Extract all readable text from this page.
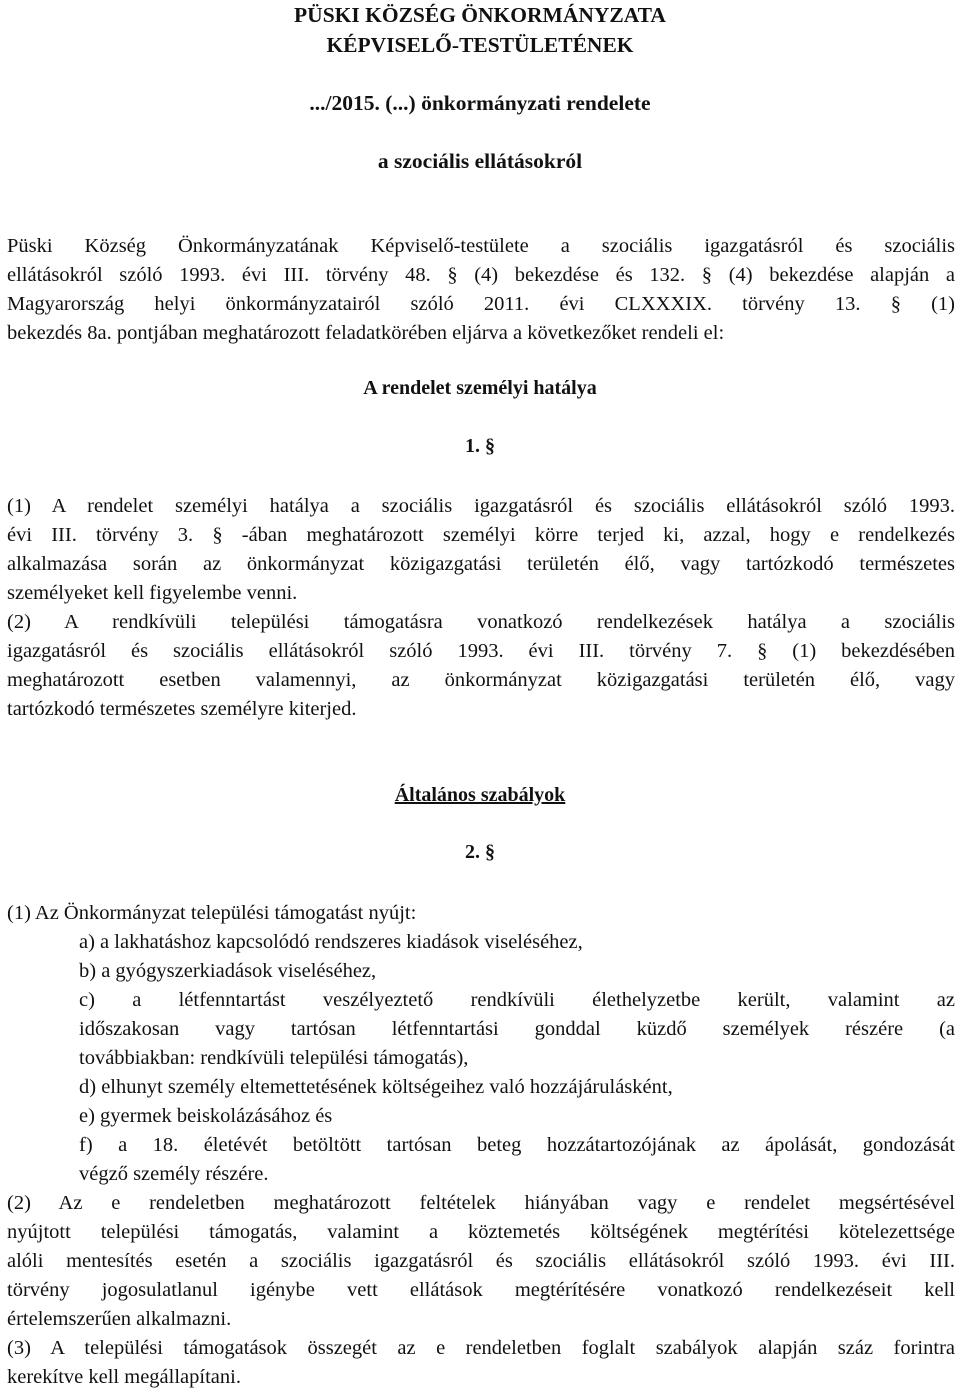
PÜSKI KÖZSÉG ÖNKORMÁNYZATA
KÉPVISELŐ-TESTÜLETÉNEK
.../2015. (...) önkormányzati rendelete
a szociális ellátásokról
Püski Község Önkormányzatának Képviselő-testülete a szociális igazgatásról és szociális
ellátásokról szóló 1993. évi III. törvény 48. § (4) bekezdése és 132. § (4) bekezdése alapján a
Magyarország helyi önkormányzatairól szóló 2011. évi CLXXXIX. törvény 13. § (1)
bekezdés 8a. pontjában meghatározott feladatkörében eljárva a következőket rendeli el:
A rendelet személyi hatálya
1. §
(1) A rendelet személyi hatálya a szociális igazgatásról és szociális ellátásokról szóló 1993.
évi III. törvény 3. § -ában meghatározott személyi körre terjed ki, azzal, hogy e rendelkezés
alkalmazása során az önkormányzat közigazgatási területén élő, vagy tartózkodó természetes
személyeket kell figyelembe venni.
(2) A rendkívüli települési támogatásra vonatkozó rendelkezések hatálya a szociális
igazgatásról és szociális ellátásokról szóló 1993. évi III. törvény 7. § (1) bekezdésében
meghatározott esetben valamennyi, az önkormányzat közigazgatási területén élő, vagy
tartózkodó természetes személyre kiterjed.
Általános szabályok
2. §
(1) Az Önkormányzat települési támogatást nyújt:
a) a lakhatáshoz kapcsolódó rendszeres kiadások viseléséhez,
b) a gyógyszerkiadások viseléséhez,
c) a létfenntartást veszélyeztető rendkívüli élethelyzetbe került, valamint az
időszakosan vagy tartósan létfenntartási gonddal küzdő személyek részére (a
továbbiakban: rendkívüli települési támogatás),
d) elhunyt személy eltemettetésének költségeihez való hozzájárulásként,
e) gyermek beiskolázásához és
f) a 18. életévét betöltött tartósan beteg hozzátartozójának az ápolását, gondozását
végző személy részére.
(2) Az e rendeletben meghatározott feltételek hiányában vagy e rendelet megsértésével
nyújtott települési támogatás, valamint a köztemetés költségének megtérítési kötelezettsége
alóli mentesítés esetén a szociális igazgatásról és szociális ellátásokról szóló 1993. évi III.
törvény jogosulatlanul igénybe vett ellátások megtérítésére vonatkozó rendelkezéseit kell
értelemszerűen alkalmazni.
(3) A települési támogatások összegét az e rendeletben foglalt szabályok alapján száz forintra
kerekítve kell megállapítani.
